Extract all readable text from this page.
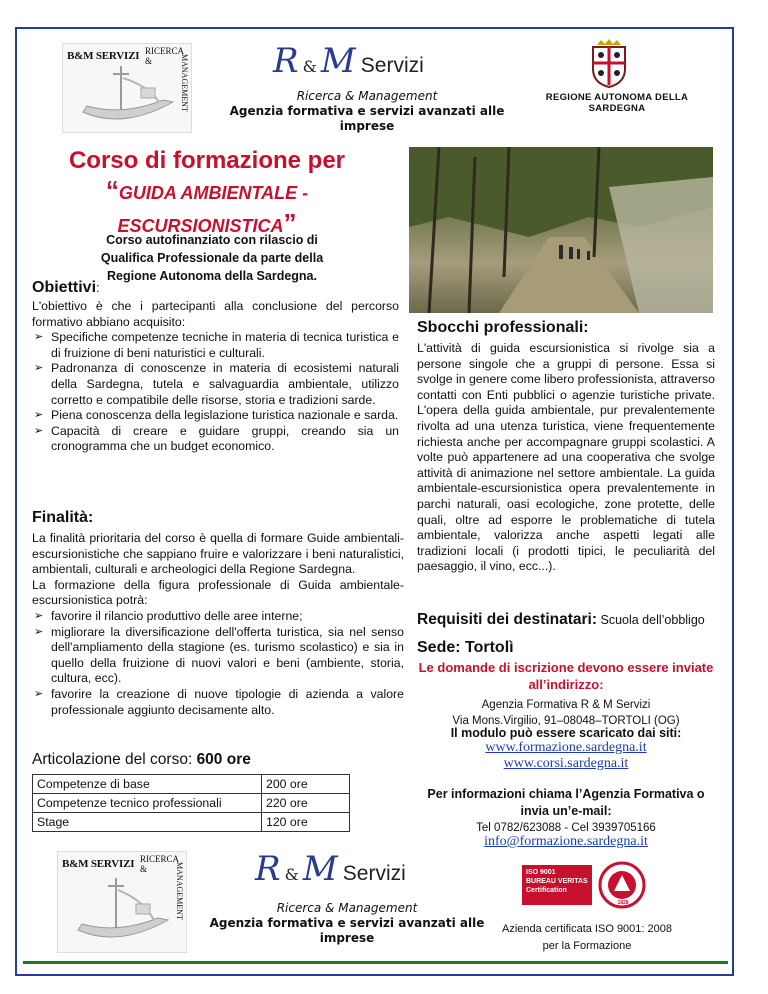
B&M SERVIZI RICERCA &	MANAGEMENT R & M Servizi
Ricerca & Management
Agenzia formativa e servizi avanzati alle imprese
REGIONE AUTONOMA DELLA SARDEGNA
Corso di formazione per
“GUIDA AMBIENTALE -
ESCURSIONISTICA”
Corso autofinanziato con rilascio di Qualifica Professionale da parte della Regione Autonoma della Sardegna.
Obiettivi:

L'obiettivo è che i partecipanti alla conclusione del percorso formativo abbiano acquisito:

➢ Specifiche competenze tecniche in materia di tecnica turistica e di fruizione di beni naturistici e culturali.
➢ Padronanza di conoscenze in materia di ecosistemi naturali della Sardegna, tutela e salvaguardia ambientale, utilizzo corretto e compatibile delle risorse, storia e tradizioni sarde.
➢ Piena conoscenza della legislazione turistica nazionale e sarda.
➢ Capacità di creare e guidare gruppi, creando sia un cronogramma che un budget economico.
Finalità:

La finalità prioritaria del corso è quella di formare Guide ambientali-escursionistiche che sappiano fruire e valorizzare i beni naturalistici, ambientali, culturali e archeologici della Regione Sardegna.

La formazione della figura professionale di Guida ambientale-escursionistica potrà:

➢ favorire il rilancio produttivo delle aree interne;
➢ migliorare la diversificazione dell'offerta turistica, sia nel senso dell'ampliamento della stagione (es. turismo scolastico) e sia in quello della fruizione di nuovi valori e beni (ambiente, storia, cultura, ecc).
➢ favorire la creazione di nuove tipologie di azienda a valore professionale aggiunto decisamente alto.
Articolazione del corso: 600 ore
Competenze di base	200 ore
Competenze tecnico professionali	220 ore
Stage	120 ore
Sbocchi professionali:
L'attività di guida escursionistica si rivolge sia a persone singole che a gruppi di persone. Essa si svolge in genere come libero professionista, attraverso contatti con Enti pubblici o agenzie turistiche private. L'opera della guida ambientale, pur prevalentemente rivolta ad una utenza turistica, viene frequentemente richiesta anche per accompagnare gruppi scolastici. A volte può appartenere ad una cooperativa che svolge attività di animazione nel settore ambientale. La guida ambientale-escursionistica opera prevalentemente in parchi naturali, oasi ecologiche, zone protette, delle quali, oltre ad esporre le problematiche di tutela ambientale, valorizza anche aspetti legati alle tradizioni locali (i prodotti tipici, le peculiarità del paesaggio, il vino, ecc...).
Requisiti dei destinatari: Scuola dell’obbligo
Sede: Tortolì
Le domande di iscrizione devono essere inviate all’indirizzo:
Agenzia Formativa R & M Servizi
Via Mons.Virgilio, 91–08048–TORTOLI (OG)
Il modulo può essere scaricato dai siti:
www.formazione.sardegna.it
www.corsi.sardegna.it
Per informazioni chiama l’Agenzia Formativa o invia un’e-mail:
Tel 0782/623088 - Cel 3939705166
info@formazione.sardegna.it
B&M SERVIZI RICERCA &	MANAGEMENT R & M Servizi
Ricerca & Management
Agenzia formativa e servizi avanzati alle imprese
ISO 9001
BUREAU VERITAS
Certification
1828
Azienda certificata ISO 9001: 2008
per la Formazione
